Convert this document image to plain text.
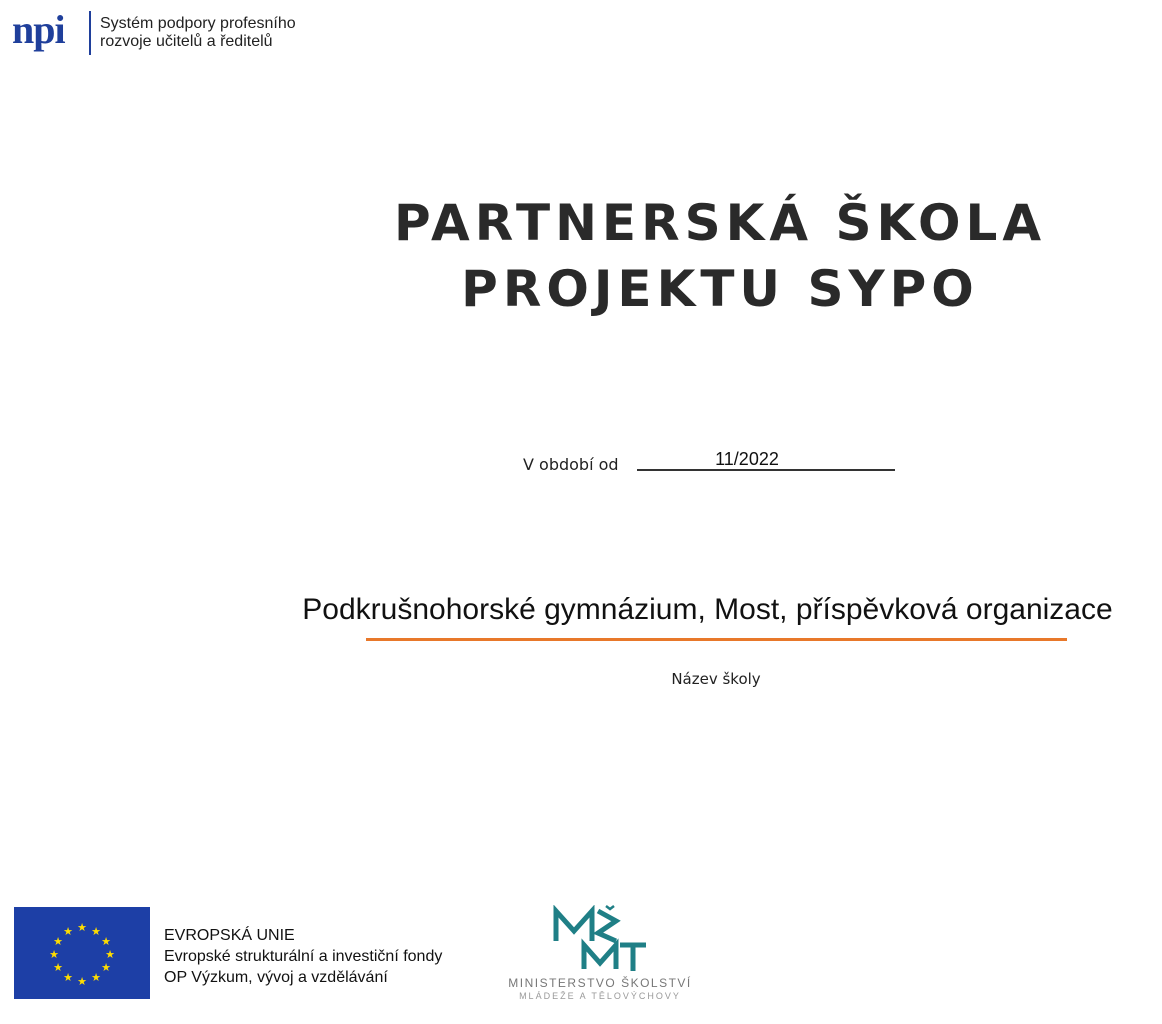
npi Systém podpory profesního
rozvoje učitelů a ředitelů
PARTNERSKÁ ŠKOLA
PROJEKTU SYPO
V období od	11/2022
Podkrušnohorské gymnázium, Most, příspěvková organizace
Název školy
★ ★
★
★
★
★
★
★
★
★
★
★	EVROPSKÁ UNIE
Evropské strukturální a investiční fondy
OP Výzkum, vývoj a vzdělávání	MINISTERSTVO ŠKOLSTVÍ
MLÁDEŽE A TĚLOVÝCHOVY
